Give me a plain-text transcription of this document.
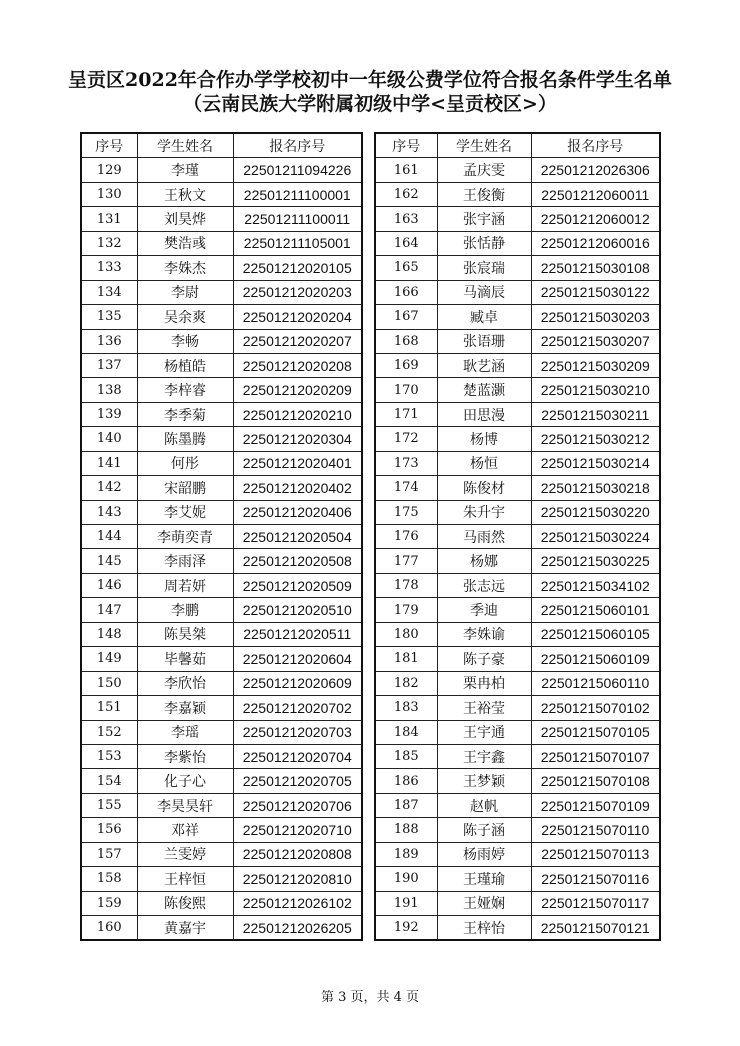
呈贡区2022年合作办学学校初中一年级公费学位符合报名条件学生名单
（云南民族大学附属初级中学<呈贡校区>）
序号	学生姓名	报名序号
129	李瑾	22501211094226
130	王秋文	22501211100001
131	刘昊烨	22501211100011
132	樊浩彧	22501211105001
133	李姝杰	22501212020105
134	李尉	22501212020203
135	吴余爽	22501212020204
136	李畅	22501212020207
137	杨植皓	22501212020208
138	李梓睿	22501212020209
139	李季菊	22501212020210
140	陈墨腾	22501212020304
141	何彤	22501212020401
142	宋韶鹏	22501212020402
143	李艾妮	22501212020406
144	李萌奕青	22501212020504
145	李雨泽	22501212020508
146	周若妍	22501212020509
147	李鹏	22501212020510
148	陈昊桀	22501212020511
149	毕馨茹	22501212020604
150	李欣怡	22501212020609
151	李嘉颖	22501212020702
152	李瑶	22501212020703
153	李紫怡	22501212020704
154	化子心	22501212020705
155	李昊昊轩	22501212020706
156	邓祥	22501212020710
157	兰雯婷	22501212020808
158	王梓恒	22501212020810
159	陈俊熙	22501212026102
160	黄嘉宇	22501212026205
序号	学生姓名	报名序号
161	孟庆雯	22501212026306
162	王俊衡	22501212060011
163	张宇涵	22501212060012
164	张恬静	22501212060016
165	张宸瑞	22501215030108
166	马滴辰	22501215030122
167	臧卓	22501215030203
168	张语珊	22501215030207
169	耿艺涵	22501215030209
170	楚蓝灏	22501215030210
171	田思漫	22501215030211
172	杨博	22501215030212
173	杨恒	22501215030214
174	陈俊材	22501215030218
175	朱升宇	22501215030220
176	马雨然	22501215030224
177	杨娜	22501215030225
178	张志远	22501215034102
179	季迪	22501215060101
180	李姝谕	22501215060105
181	陈子豪	22501215060109
182	栗冉柏	22501215060110
183	王裕莹	22501215070102
184	王宇通	22501215070105
185	王宇鑫	22501215070107
186	王梦颖	22501215070108
187	赵帆	22501215070109
188	陈子涵	22501215070110
189	杨雨婷	22501215070113
190	王瑾瑜	22501215070116
191	王娅娴	22501215070117
192	王梓怡	22501215070121
第 3 页，共 4 页
